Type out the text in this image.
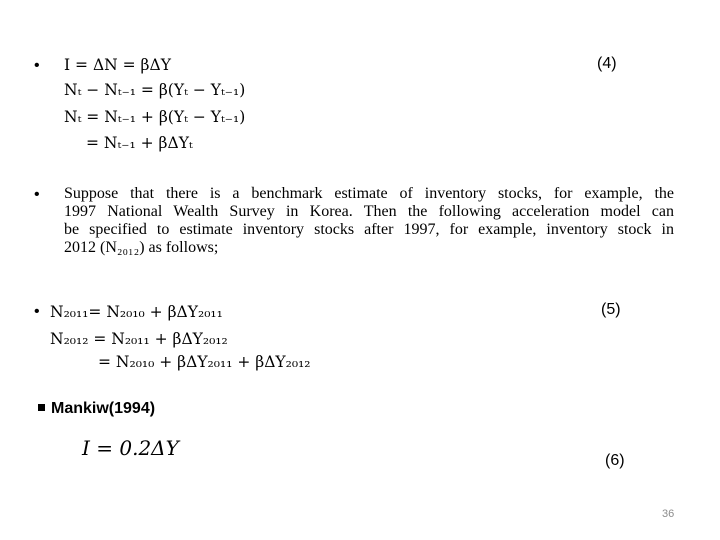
• I = ΔN = βΔY
Nₜ − Nₜ₋₁ = β(Yₜ − Yₜ₋₁)
Nₜ = Nₜ₋₁ + β(Yₜ − Yₜ₋₁)
= Nₜ₋₁ + βΔYₜ
(4)
• Suppose that there is a benchmark estimate of inventory stocks, for example, the
1997 National Wealth Survey in Korea. Then the following acceleration model can
be specified to estimate inventory stocks after 1997, for example, inventory stock in
2012 (N₂₀₁₂) as follows;
• N₂₀₁₁= N₂₀₁₀ + βΔY₂₀₁₁
N₂₀₁₂ = N₂₀₁₁ + βΔY₂₀₁₂
= N₂₀₁₀ + βΔY₂₀₁₁ + βΔY₂₀₁₂
(5)
Mankiw(1994)
I = 0.2ΔY
(6)
36
